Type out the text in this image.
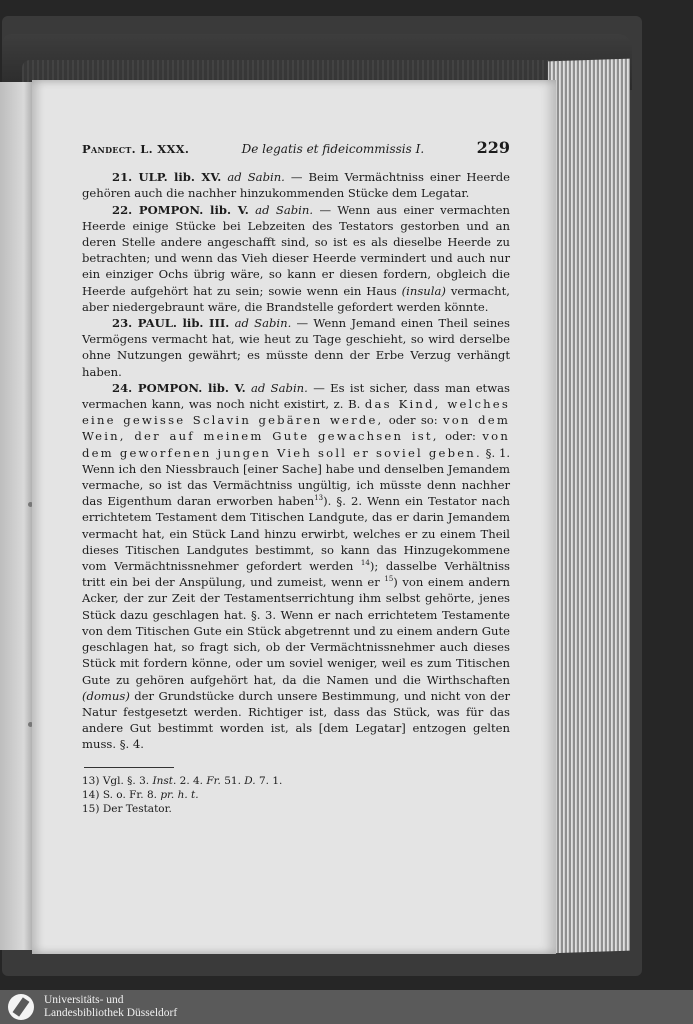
Pandect. L. XXX.	De legatis et fideicommissis I.	229

21. ULP. lib. XV. ad Sabin. — Beim Vermächtniss einer Heerde gehören auch die nachher hinzukommenden Stücke dem Legatar.

22. POMPON. lib. V. ad Sabin. — Wenn aus einer vermachten Heerde einige Stücke bei Lebzeiten des Testators gestorben und an deren Stelle andere angeschafft sind, so ist es als dieselbe Heerde zu betrachten; und wenn das Vieh dieser Heerde vermindert und auch nur ein einziger Ochs übrig wäre, so kann er diesen fordern, obgleich die Heerde aufgehört hat zu sein; sowie wenn ein Haus (insula) vermacht, aber niedergebraunt wäre, die Brandstelle gefordert werden könnte.

23. PAUL. lib. III. ad Sabin. — Wenn Jemand einen Theil seines Vermögens vermacht hat, wie heut zu Tage geschieht, so wird derselbe ohne Nutzungen gewährt; es müsste denn der Erbe Verzug verhängt haben.

24. POMPON. lib. V. ad Sabin. — Es ist sicher, dass man etwas vermachen kann, was noch nicht existirt, z. B. das Kind, welches eine gewisse Sclavin gebären werde, oder so: von dem Wein, der auf meinem Gute gewachsen ist, oder: von dem geworfenen jungen Vieh soll er soviel geben. §. 1. Wenn ich den Niessbrauch [einer Sache] habe und denselben Jemandem vermache, so ist das Vermächtniss ungültig, ich müsste denn nachher das Eigenthum daran erworben haben$^{13}$). §. 2. Wenn ein Testator nach errichtetem Testament dem Titischen Landgute, das er darin Jemandem vermacht hat, ein Stück Land hinzu erwirbt, welches er zu einem Theil dieses Titischen Landgutes bestimmt, so kann das Hinzugekommene vom Vermächtnissnehmer gefordert werden $^{14}$); dasselbe Verhältniss tritt ein bei der Anspülung, und zumeist, wenn er $^{15}$) von einem andern Acker, der zur Zeit der Testamentserrichtung ihm selbst gehörte, jenes Stück dazu geschlagen hat. §. 3. Wenn er nach errichtetem Testamente von dem Titischen Gute ein Stück abgetrennt und zu einem andern Gute geschlagen hat, so fragt sich, ob der Vermächtnissnehmer auch dieses Stück mit fordern könne, oder um soviel weniger, weil es zum Titischen Gute zu gehören aufgehört hat, da die Namen und die Wirthschaften (domus) der Grundstücke durch unsere Bestimmung, und nicht von der Natur festgesetzt werden. Richtiger ist, dass das Stück, was für das andere Gut bestimmt worden ist, als [dem Legatar] entzogen gelten muss. §. 4.

13) Vgl. §. 3. Inst. 2. 4. Fr. 51. D. 7. 1.

14) S. o. Fr. 8. pr. h. t.

15) Der Testator.

Universitäts- und
Landesbibliothek Düsseldorf
